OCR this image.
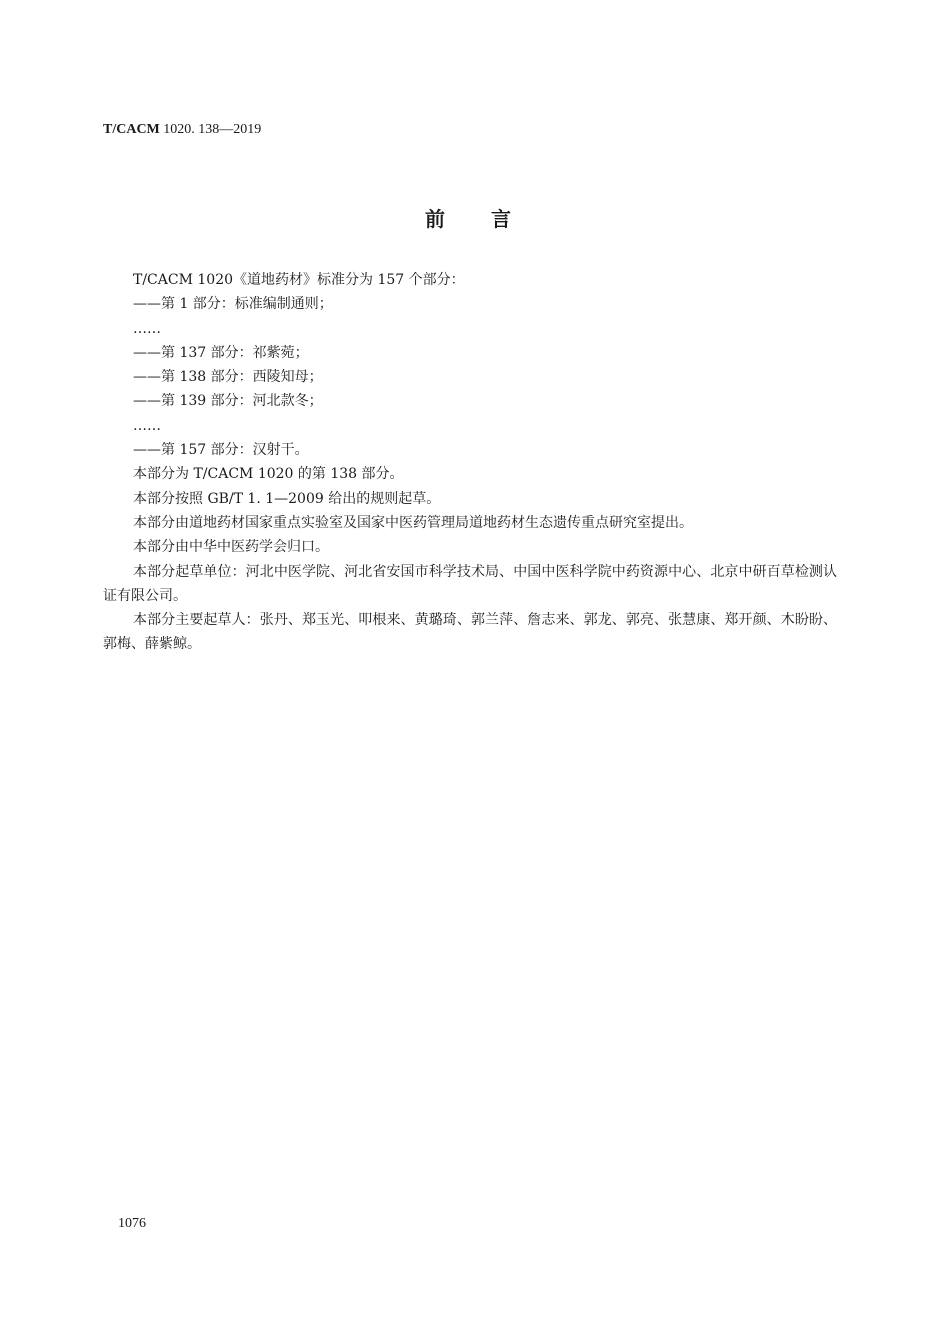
T/CACM 1020. 138—2019
前 言
T/CACM 1020《道地药材》标准分为 157 个部分：
——第 1 部分：标准编制通则；
……
——第 137 部分：祁紫菀；
——第 138 部分：西陵知母；
——第 139 部分：河北款冬；
……
——第 157 部分：汉射干。
本部分为 T/CACM 1020 的第 138 部分。
本部分按照 GB/T 1. 1—2009 给出的规则起草。
本部分由道地药材国家重点实验室及国家中医药管理局道地药材生态遗传重点研究室提出。
本部分由中华中医药学会归口。
本部分起草单位：河北中医学院、河北省安国市科学技术局、中国中医科学院中药资源中心、北京中研百草检测认证有限公司。
本部分主要起草人：张丹、郑玉光、叩根来、黄璐琦、郭兰萍、詹志来、郭龙、郭亮、张慧康、郑开颜、木盼盼、郭梅、薛紫鲸。
1076
